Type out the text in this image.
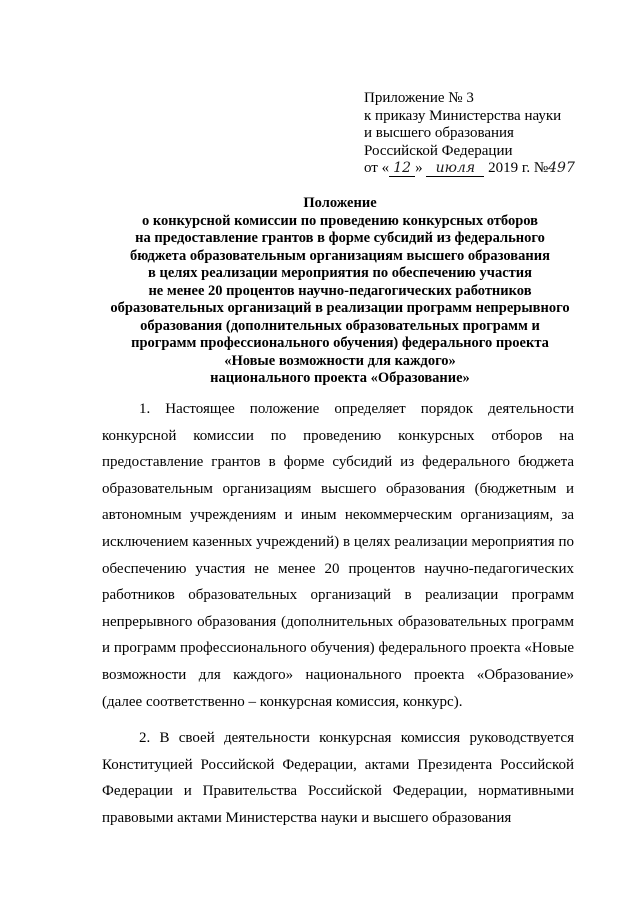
Приложение № 3
к приказу Министерства науки
и высшего образования
Российской Федерации
от « 12 » июля 2019 г. №497
Положение
о конкурсной комиссии по проведению конкурсных отборов
на предоставление грантов в форме субсидий из федерального
бюджета образовательным организациям высшего образования
в целях реализации мероприятия по обеспечению участия
не менее 20 процентов научно-педагогических работников
образовательных организаций в реализации программ непрерывного
образования (дополнительных образовательных программ и
программ профессионального обучения) федерального проекта
«Новые возможности для каждого»
национального проекта «Образование»

1. Настоящее положение определяет порядок деятельности конкурсной комиссии по проведению конкурсных отборов на предоставление грантов в форме субсидий из федерального бюджета образовательным организациям высшего образования (бюджетным и автономным учреждениям и иным некоммерческим организациям, за исключением казенных учреждений) в целях реализации мероприятия по обеспечению участия не менее 20 процентов научно-педагогических работников образовательных организаций в реализации программ непрерывного образования (дополнительных образовательных программ и программ профессионального обучения) федерального проекта «Новые возможности для каждого» национального проекта «Образование» (далее соответственно – конкурсная комиссия, конкурс).

2. В своей деятельности конкурсная комиссия руководствуется Конституцией Российской Федерации, актами Президента Российской Федерации и Правительства Российской Федерации, нормативными правовыми актами Министерства науки и высшего образования
